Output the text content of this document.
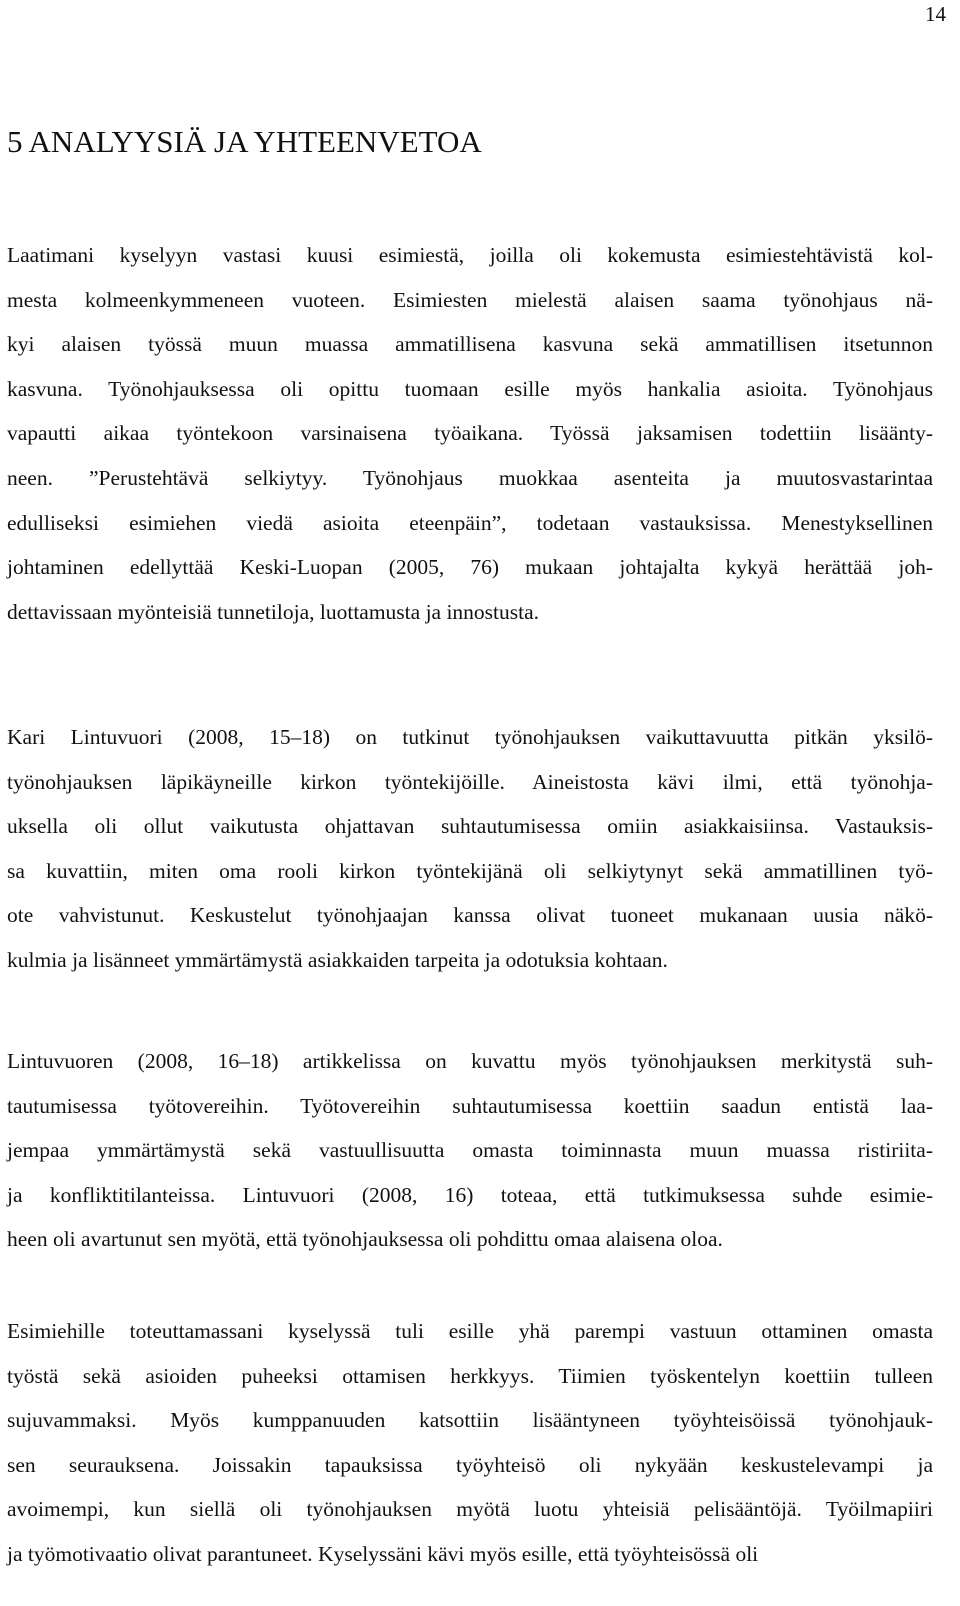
14
5 ANALYYSIÄ JA YHTEENVETOA
Laatimani kyselyyn vastasi kuusi esimiestä, joilla oli kokemusta esimiestehtävistä kol-
mesta kolmeenkymmeneen vuoteen. Esimiesten mielestä alaisen saama työnohjaus nä-
kyi alaisen työssä muun muassa ammatillisena kasvuna sekä ammatillisen itsetunnon
kasvuna. Työnohjauksessa oli opittu tuomaan esille myös hankalia asioita. Työnohjaus
vapautti aikaa työntekoon varsinaisena työaikana. Työssä jaksamisen todettiin lisäänty-
neen. ”Perustehtävä selkiytyy. Työnohjaus muokkaa asenteita ja muutosvastarintaa
edulliseksi esimiehen viedä asioita eteenpäin”, todetaan vastauksissa. Menestyksellinen
johtaminen edellyttää Keski-Luopan (2005, 76) mukaan johtajalta kykyä herättää joh-
dettavissaan myönteisiä tunnetiloja, luottamusta ja innostusta.
Kari Lintuvuori (2008, 15‒18) on tutkinut työnohjauksen vaikuttavuutta pitkän yksilö-
työnohjauksen läpikäyneille kirkon työntekijöille. Aineistosta kävi ilmi, että työnohja-
uksella oli ollut vaikutusta ohjattavan suhtautumisessa omiin asiakkaisiinsa. Vastauksis-
sa kuvattiin, miten oma rooli kirkon työntekijänä oli selkiytynyt sekä ammatillinen työ-
ote vahvistunut. Keskustelut työnohjaajan kanssa olivat tuoneet mukanaan uusia näkö-
kulmia ja lisänneet ymmärtämystä asiakkaiden tarpeita ja odotuksia kohtaan.
Lintuvuoren (2008, 16‒18) artikkelissa on kuvattu myös työnohjauksen merkitystä suh-
tautumisessa työtovereihin. Työtovereihin suhtautumisessa koettiin saadun entistä laa-
jempaa ymmärtämystä sekä vastuullisuutta omasta toiminnasta muun muassa ristiriita-
ja konfliktitilanteissa. Lintuvuori (2008, 16) toteaa, että tutkimuksessa suhde esimie-
heen oli avartunut sen myötä, että työnohjauksessa oli pohdittu omaa alaisena oloa.
Esimiehille toteuttamassani kyselyssä tuli esille yhä parempi vastuun ottaminen omasta
työstä sekä asioiden puheeksi ottamisen herkkyys. Tiimien työskentelyn koettiin tulleen
sujuvammaksi. Myös kumppanuuden katsottiin lisääntyneen työyhteisöissä työnohjauk-
sen seurauksena. Joissakin tapauksissa työyhteisö oli nykyään keskustelevampi ja
avoimempi, kun siellä oli työnohjauksen myötä luotu yhteisiä pelisääntöjä. Työilmapiiri
ja työmotivaatio olivat parantuneet. Kyselyssäni kävi myös esille, että työyhteisössä oli
